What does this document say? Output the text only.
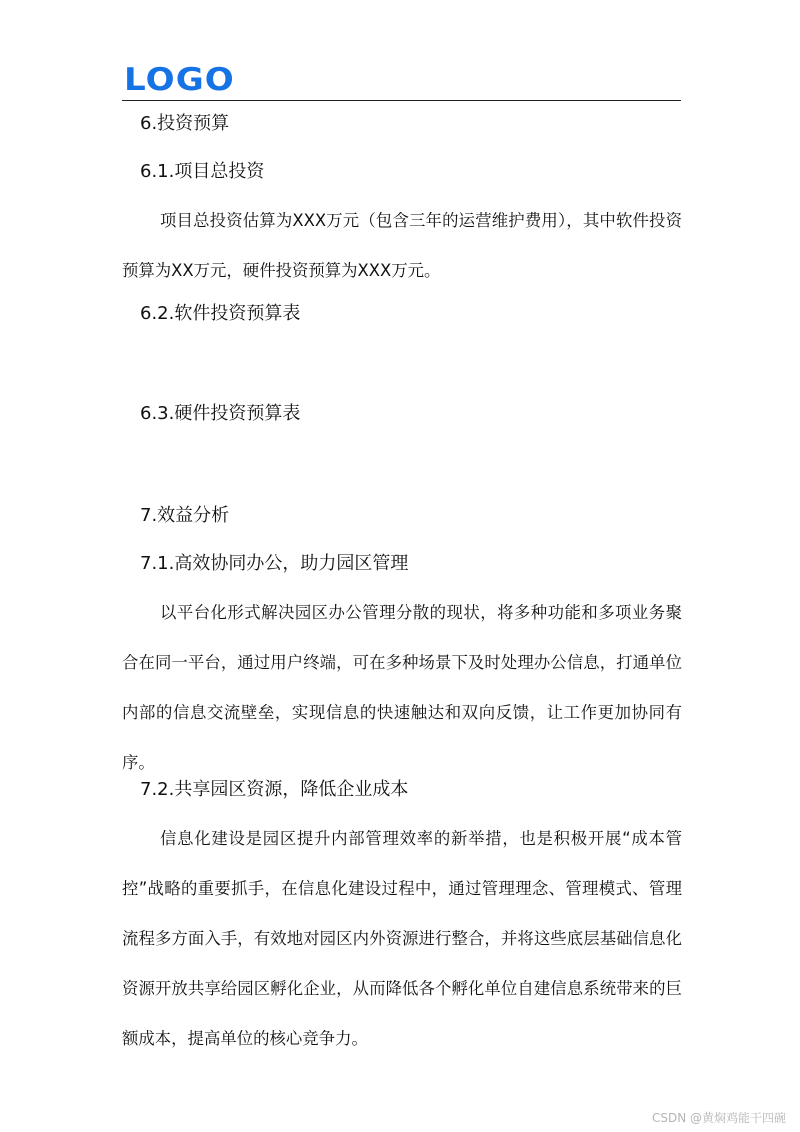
LOGO
6.投资预算
6.1.项目总投资
项目总投资估算为XXX万元（包含三年的运营维护费用），其中软件投资预算为XX万元，硬件投资预算为XXX万元。
6.2.软件投资预算表
6.3.硬件投资预算表
7.效益分析
7.1.高效协同办公，助力园区管理
以平台化形式解决园区办公管理分散的现状，将多种功能和多项业务聚合在同一平台，通过用户终端，可在多种场景下及时处理办公信息，打通单位内部的信息交流壁垒，实现信息的快速触达和双向反馈，让工作更加协同有序。
7.2.共享园区资源，降低企业成本
信息化建设是园区提升内部管理效率的新举措，也是积极开展“成本管控”战略的重要抓手，在信息化建设过程中，通过管理理念、管理模式、管理流程多方面入手，有效地对园区内外资源进行整合，并将这些底层基础信息化资源开放共享给园区孵化企业，从而降低各个孵化单位自建信息系统带来的巨额成本，提高单位的核心竞争力。
CSDN @黄焖鸡能干四碗
